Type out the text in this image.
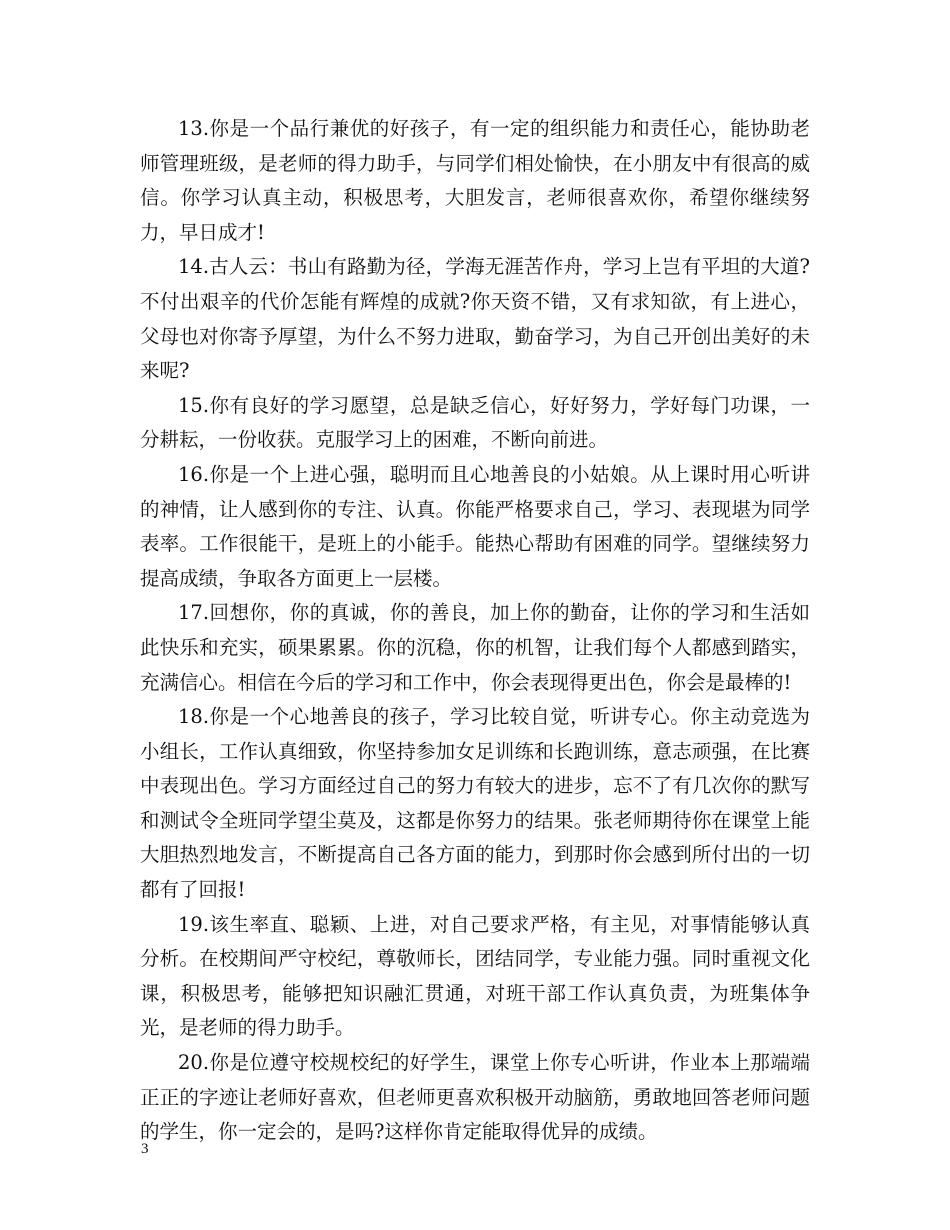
13.你是一个品行兼优的好孩子，有一定的组织能力和责任心，能协助老师管理班级，是老师的得力助手，与同学们相处愉快，在小朋友中有很高的威信。你学习认真主动，积极思考，大胆发言，老师很喜欢你，希望你继续努力，早日成才!

14.古人云：书山有路勤为径，学海无涯苦作舟，学习上岂有平坦的大道?不付出艰辛的代价怎能有辉煌的成就?你天资不错，又有求知欲，有上进心，父母也对你寄予厚望，为什么不努力进取，勤奋学习，为自己开创出美好的未来呢?

15.你有良好的学习愿望，总是缺乏信心，好好努力，学好每门功课，一分耕耘，一份收获。克服学习上的困难，不断向前进。

16.你是一个上进心强，聪明而且心地善良的小姑娘。从上课时用心听讲的神情，让人感到你的专注、认真。你能严格要求自己，学习、表现堪为同学表率。工作很能干，是班上的小能手。能热心帮助有困难的同学。望继续努力提高成绩，争取各方面更上一层楼。

17.回想你，你的真诚，你的善良，加上你的勤奋，让你的学习和生活如此快乐和充实，硕果累累。你的沉稳，你的机智，让我们每个人都感到踏实，充满信心。相信在今后的学习和工作中，你会表现得更出色，你会是最棒的!

18.你是一个心地善良的孩子，学习比较自觉，听讲专心。你主动竞选为小组长，工作认真细致，你坚持参加女足训练和长跑训练，意志顽强，在比赛中表现出色。学习方面经过自己的努力有较大的进步，忘不了有几次你的默写和测试令全班同学望尘莫及，这都是你努力的结果。张老师期待你在课堂上能大胆热烈地发言，不断提高自己各方面的能力，到那时你会感到所付出的一切都有了回报!

19.该生率直、聪颖、上进，对自己要求严格，有主见，对事情能够认真分析。在校期间严守校纪，尊敬师长，团结同学，专业能力强。同时重视文化课，积极思考，能够把知识融汇贯通，对班干部工作认真负责，为班集体争光，是老师的得力助手。

20.你是位遵守校规校纪的好学生，课堂上你专心听讲，作业本上那端端正正的字迹让老师好喜欢，但老师更喜欢积极开动脑筋，勇敢地回答老师问题的学生，你一定会的，是吗?这样你肯定能取得优异的成绩。

3
